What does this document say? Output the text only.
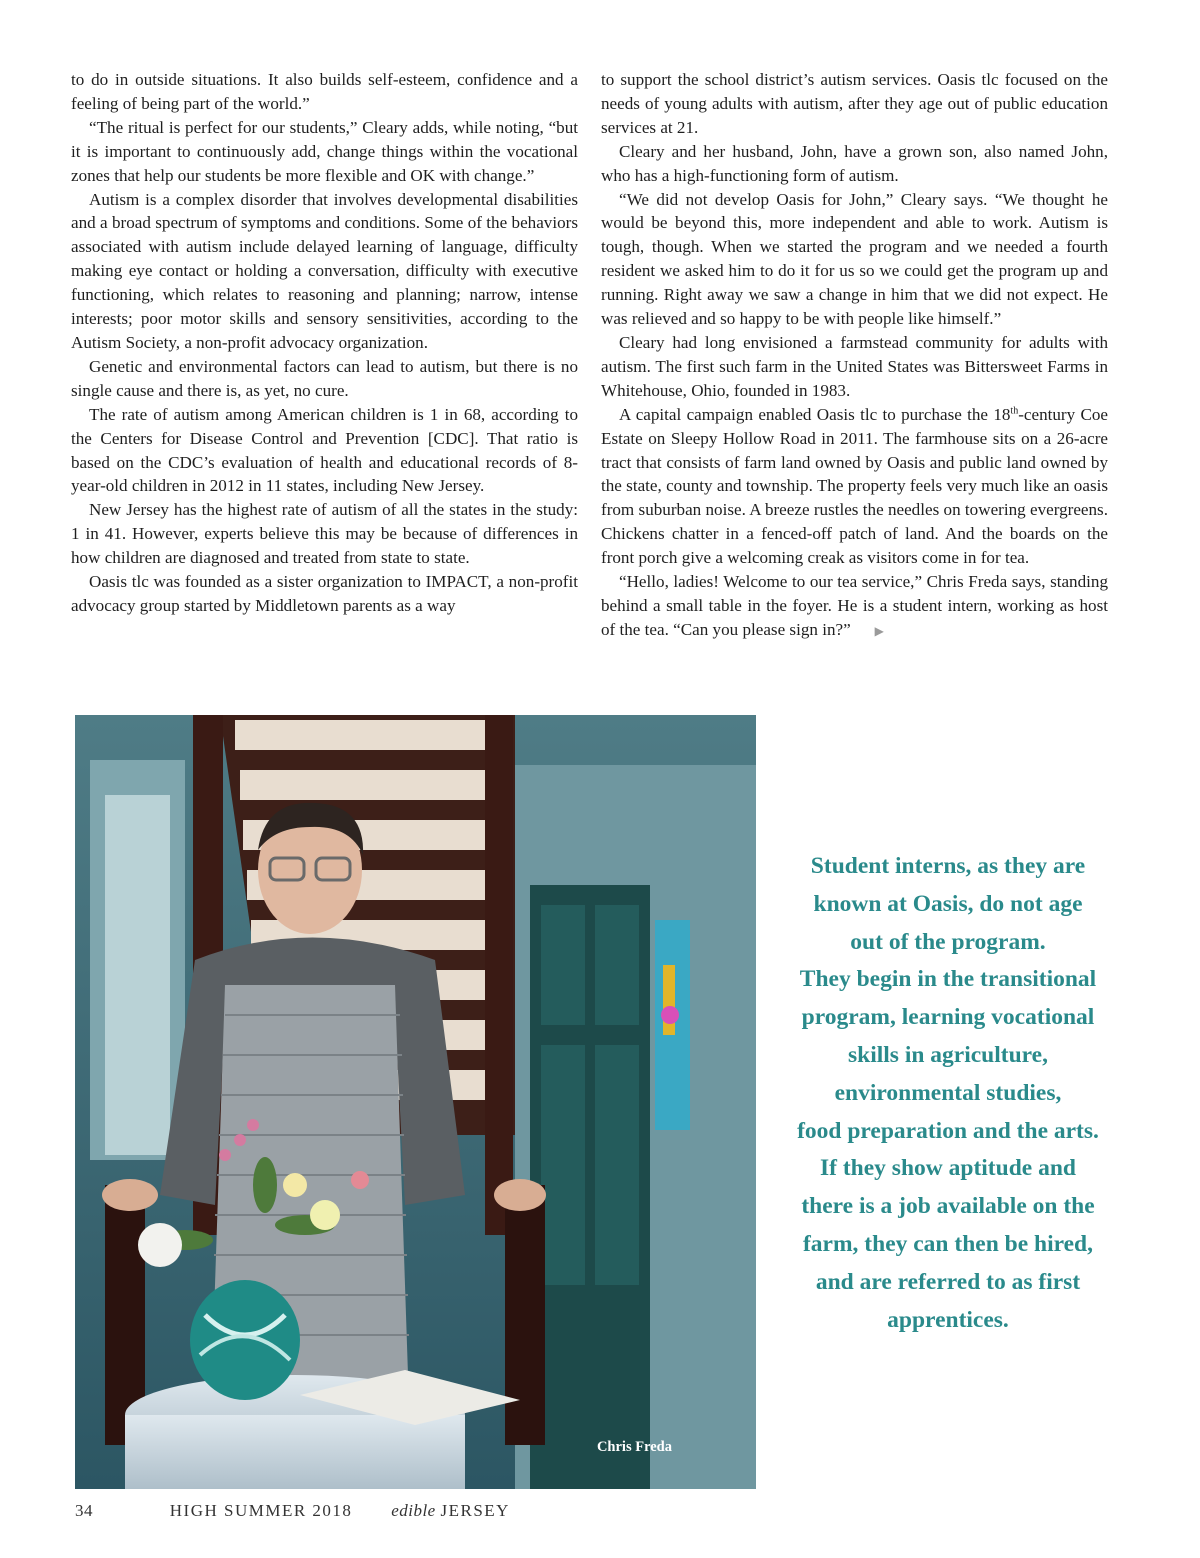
to do in outside situations. It also builds self-esteem, confidence and a feeling of being part of the world.”

“The ritual is perfect for our students,” Cleary adds, while noting, “but it is important to continuously add, change things within the vocational zones that help our students be more flexible and OK with change.”

Autism is a complex disorder that involves developmental disabilities and a broad spectrum of symptoms and conditions. Some of the behaviors associated with autism include delayed learning of language, difficulty making eye contact or holding a conversation, difficulty with executive functioning, which relates to reasoning and planning; narrow, intense interests; poor motor skills and sensory sensitivities, according to the Autism Society, a non-profit advocacy organization.

Genetic and environmental factors can lead to autism, but there is no single cause and there is, as yet, no cure.

The rate of autism among American children is 1 in 68, according to the Centers for Disease Control and Prevention [CDC]. That ratio is based on the CDC’s evaluation of health and educational records of 8-year-old children in 2012 in 11 states, including New Jersey.

New Jersey has the highest rate of autism of all the states in the study: 1 in 41. However, experts believe this may be because of differences in how children are diagnosed and treated from state to state.

Oasis tlc was founded as a sister organization to IMPACT, a non-profit advocacy group started by Middletown parents as a way

to support the school district’s autism services. Oasis tlc focused on the needs of young adults with autism, after they age out of public education services at 21.

Cleary and her husband, John, have a grown son, also named John, who has a high-functioning form of autism.

“We did not develop Oasis for John,” Cleary says. “We thought he would be beyond this, more independent and able to work. Autism is tough, though. When we started the program and we needed a fourth resident we asked him to do it for us so we could get the program up and running. Right away we saw a change in him that we did not expect. He was relieved and so happy to be with people like himself.”

Cleary had long envisioned a farmstead community for adults with autism. The first such farm in the United States was Bittersweet Farms in Whitehouse, Ohio, founded in 1983.

A capital campaign enabled Oasis tlc to purchase the 18th-century Coe Estate on Sleepy Hollow Road in 2011. The farmhouse sits on a 26-acre tract that consists of farm land owned by Oasis and public land owned by the state, county and township. The property feels very much like an oasis from suburban noise. A breeze rustles the needles on towering evergreens. Chickens chatter in a fenced-off patch of land. And the boards on the front porch give a welcoming creak as visitors come in for tea.

“Hello, ladies! Welcome to our tea service,” Chris Freda says, standing behind a small table in the foyer. He is a student intern, working as host of the tea. “Can you please sign in?” ▶

Chris Freda
Student interns, as they are
known at Oasis, do not age
out of the program.
They begin in the transitional
program, learning vocational
skills in agriculture,
environmental studies,
food preparation and the arts.
If they show aptitude and
there is a job available on the
farm, they can then be hired,
and are referred to as first
apprentices.
34	HIGH SUMMER 2018 edible JERSEY
